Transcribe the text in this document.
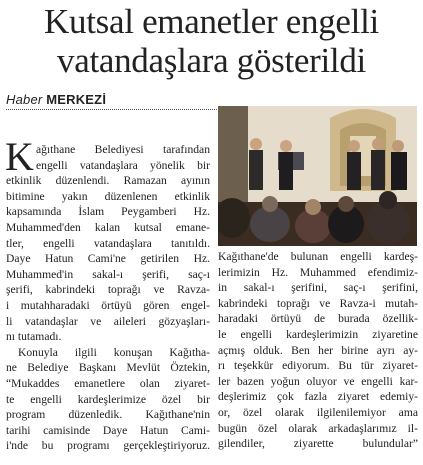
Kutsal emanetler engelli
vatandaşlara gösterildi
Haber MERKEZİ
K ağıthane Belediyesi tarafından
engelli vatandaşlara yönelik bir
etkinlik düzenlendi. Ramazan ayının
bitimine yakın düzenlenen etkinlik
kapsamında İslam Peygamberi Hz.
Muhammed'den kalan kutsal emane-
tler, engelli vatandaşlara tanıtıldı.
Daye Hatun Cami'ne getirilen Hz.
Muhammed'in sakal-ı şerifi, saç-ı
şerifi, kabrindeki toprağı ve Ravza-
i mutahharadaki örtüyü gören engel-
li vatandaşlar ve aileleri gözyaşları-
nı tutamadı.
Konuyla ilgili konuşan Kağıtha-
ne Belediye Başkanı Mevlüt Öztekin,
“Mukaddes emanetlere olan ziyaret-
te engelli kardeşlerimize özel bir
program düzenledik. Kağıthane'nin
tarihi camisinde Daye Hatun Cami-
i'nde bu programı gerçekleştiriyoruz.
Kağıthane'de bulunan engelli kardeş-
lerimizin Hz. Muhammed efendimiz-
in sakal-ı şerifini, saç-ı şerifini,
kabrindeki toprağı ve Ravza-i mutah-
haradaki örtüyü de burada özellik-
le engelli kardeşlerimizin ziyaretine
açmış olduk. Ben her birine ayrı ay-
rı teşekkür ediyorum. Bu tür ziyaret-
ler bazen yoğun oluyor ve engelli kar-
deşlerimiz çok fazla ziyaret edemiy-
or, özel olarak ilgilenilemiyor ama
bugün özel olarak arkadaşlarımız il-
gilendiler, ziyarette bulundular”
